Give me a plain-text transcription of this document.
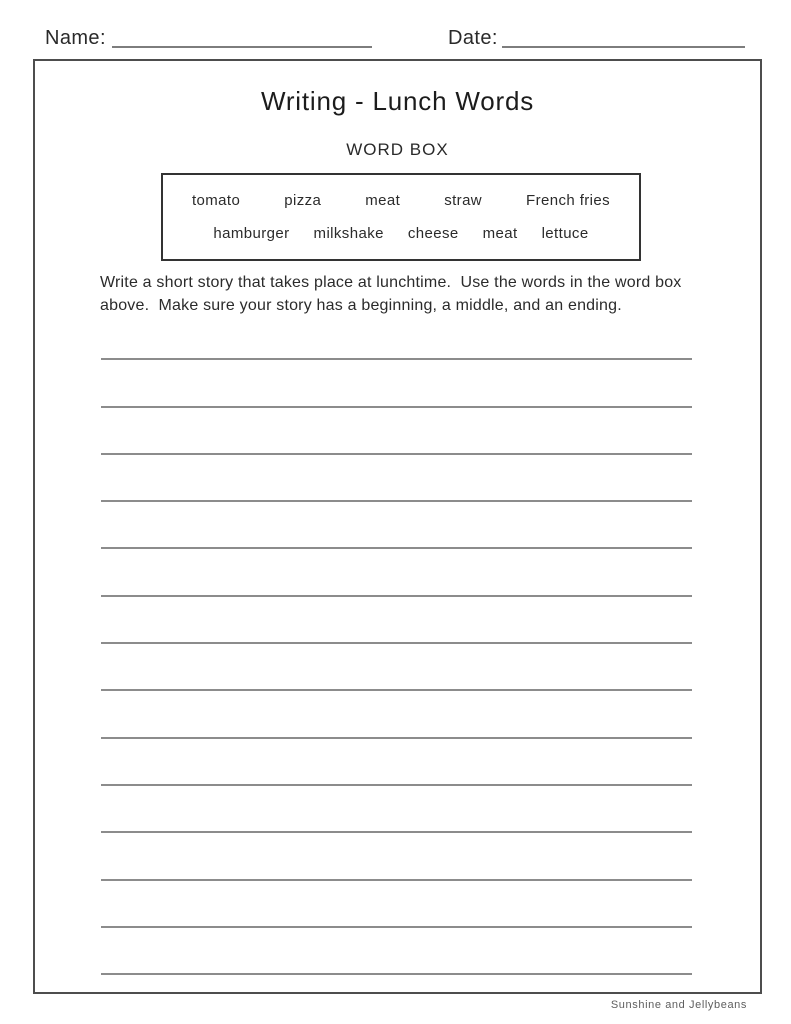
Name:	Date:
Writing - Lunch Words
WORD BOX
tomato	pizza	meat	straw	French fries
hamburger milkshake cheese meat lettuce
Write a short story that takes place at lunchtime.  Use the words in the word box above.  Make sure your story has a beginning, a middle, and an ending.
Sunshine and Jellybeans
